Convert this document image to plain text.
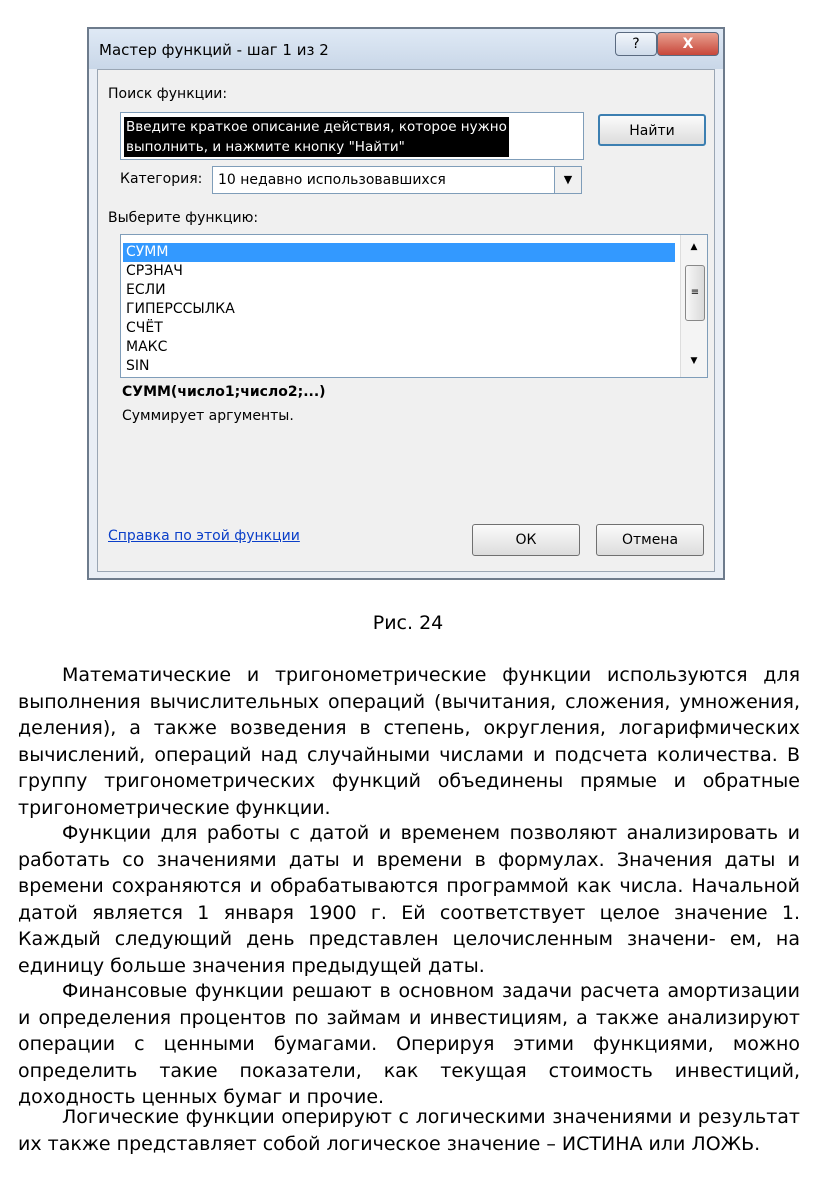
Мастер функций - шаг 1 из 2	?	X
Поиск функции:
Введите краткое описание действия, которое нужно
выполнить, и нажмите кнопку "Найти"
Найти
Категория: 10 недавно использовавшихся	▼
Выберите функцию:
СУММ
СРЗНАЧ
ЕСЛИ
ГИПЕРССЫЛКА
СЧЁТ
МАКС
SIN
▲
≡
▼
СУММ(число1;число2;...)
Суммирует аргументы.
Справка по этой функции	ОК	Отмена
Рис. 24

Математические и тригонометрические функции используются для выполнения вычислительных операций (вычитания, сложения, умножения, деления), а также возведения в степень, округления, логарифмических вычислений, операций над случайными числами и подсчета количества. В группу тригонометрических функций объединены прямые и обратные тригонометрические функции.

Функции для работы с датой и временем позволяют анализировать и работать со значениями даты и времени в формулах. Значения даты и времени сохраняются и обрабатываются программой как числа. Начальной датой является 1 января 1900 г. Ей соответствует целое значение 1. Каждый следующий день представлен целочисленным значени- ем, на единицу больше значения предыдущей даты.

Финансовые функции решают в основном задачи расчета амортизации и определения процентов по займам и инвестициям, а также анализируют операции с ценными бумагами. Оперируя этими функциями, можно определить такие показатели, как текущая стоимость инвестиций, доходность ценных бумаг и прочие.

Логические функции оперируют с логическими значениями и результат их также представляет собой логическое значение – ИСТИНА или ЛОЖЬ.
